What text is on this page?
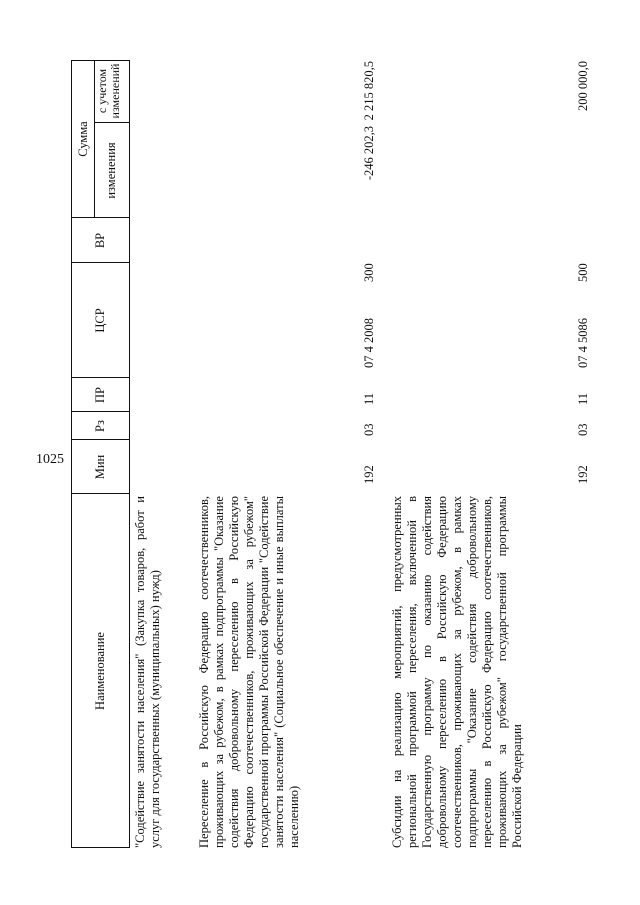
1025
Наименование
Мин
Рз
ПР
ЦСР
ВР
Сумма
изменения
с учетом изменений
"Содействие занятости населения" (Закупка товаров, работ и услуг для государственных (муниципальных) нужд)	Переселение в Российскую Федерацию соотечественников, проживающих за рубежом, в рамках подпрограммы "Оказание содействия добровольному переселению в Российскую Федерацию соотечественников, проживающих за рубежом" государственной программы Российской Федерации "Содействие занятости населения" (Социальное обеспечение и иные выплаты населению)
192
03
11
07 4 2008
300
-246 202,3
2 215 820,5
Субсидии на реализацию мероприятий, предусмотренных региональной программой переселения, включенной в Государственную программу по оказанию содействия добровольному переселению в Российскую Федерацию соотечественников, проживающих за рубежом, в рамках подпрограммы "Оказание содействия добровольному переселению в Российскую Федерацию соотечественников, проживающих за рубежом" государственной программы Российской Федерации
192
03
11
07 4 5086
500
200 000,0
